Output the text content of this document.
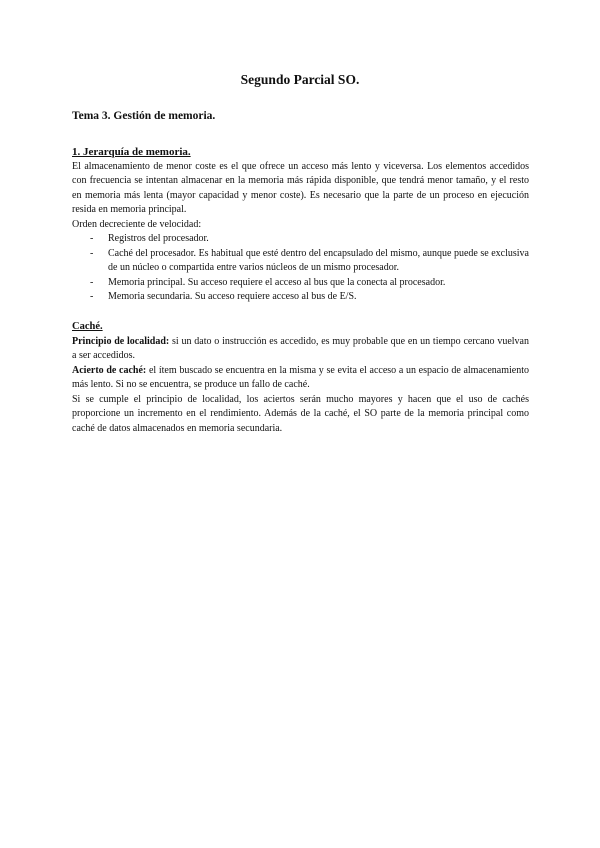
Segundo Parcial SO.
Tema 3. Gestión de memoria.
1. Jerarquía de memoria.

El almacenamiento de menor coste es el que ofrece un acceso más lento y viceversa. Los elementos accedidos con frecuencia se intentan almacenar en la memoria más rápida disponible, que tendrá menor tamaño, y el resto en memoria más lenta (mayor capacidad y menor coste). Es necesario que la parte de un proceso en ejecución resida en memoria principal.

Orden decreciente de velocidad:

- Registros del procesador.
- Caché del procesador. Es habitual que esté dentro del encapsulado del mismo, aunque puede se exclusiva de un núcleo o compartida entre varios núcleos de un mismo procesador.
- Memoria principal. Su acceso requiere el acceso al bus que la conecta al procesador.
- Memoria secundaria. Su acceso requiere acceso al bus de E/S.
Caché.

Principio de localidad: si un dato o instrucción es accedido, es muy probable que en un tiempo cercano vuelvan a ser accedidos.

Acierto de caché: el ítem buscado se encuentra en la misma y se evita el acceso a un espacio de almacenamiento más lento. Si no se encuentra, se produce un fallo de caché.

Si se cumple el principio de localidad, los aciertos serán mucho mayores y hacen que el uso de cachés proporcione un incremento en el rendimiento. Además de la caché, el SO parte de la memoria principal como caché de datos almacenados en memoria secundaria.
